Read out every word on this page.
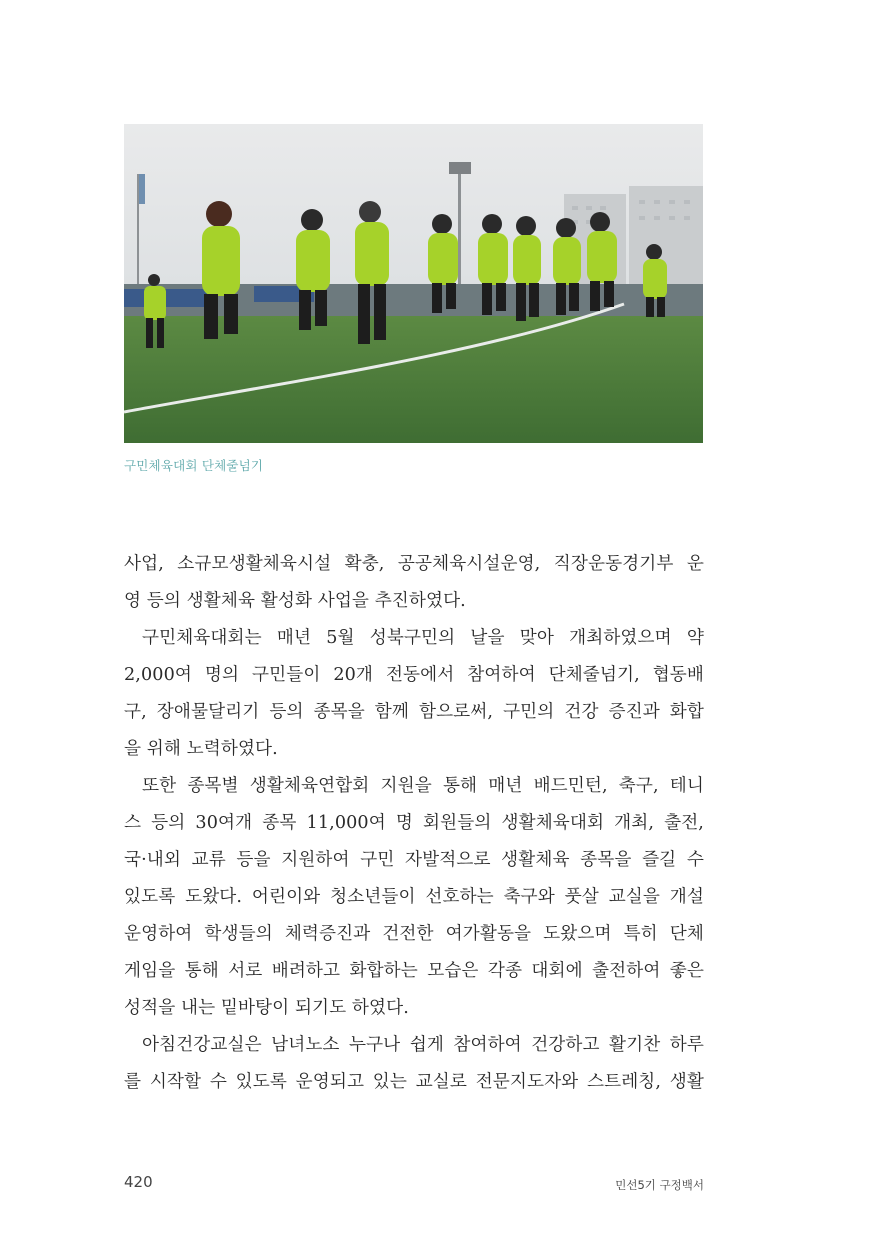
구민체육대회 단체줄넘기
사업, 소규모생활체육시설 확충, 공공체육시설운영, 직장운동경기부 운
영 등의 생활체육 활성화 사업을 추진하였다.
구민체육대회는 매년 5월 성북구민의 날을 맞아 개최하였으며 약
2,000여 명의 구민들이 20개 전동에서 참여하여 단체줄넘기, 협동배
구, 장애물달리기 등의 종목을 함께 함으로써, 구민의 건강 증진과 화합
을 위해 노력하였다.
또한 종목별 생활체육연합회 지원을 통해 매년 배드민턴, 축구, 테니
스 등의 30여개 종목 11,000여 명 회원들의 생활체육대회 개최, 출전,
국·내외 교류 등을 지원하여 구민 자발적으로 생활체육 종목을 즐길 수
있도록 도왔다. 어린이와 청소년들이 선호하는 축구와 풋살 교실을 개설
운영하여 학생들의 체력증진과 건전한 여가활동을 도왔으며 특히 단체
게임을 통해 서로 배려하고 화합하는 모습은 각종 대회에 출전하여 좋은
성적을 내는 밑바탕이 되기도 하였다.
아침건강교실은 남녀노소 누구나 쉽게 참여하여 건강하고 활기찬 하루
를 시작할 수 있도록 운영되고 있는 교실로 전문지도자와 스트레칭, 생활
420	민선5기 구정백서
